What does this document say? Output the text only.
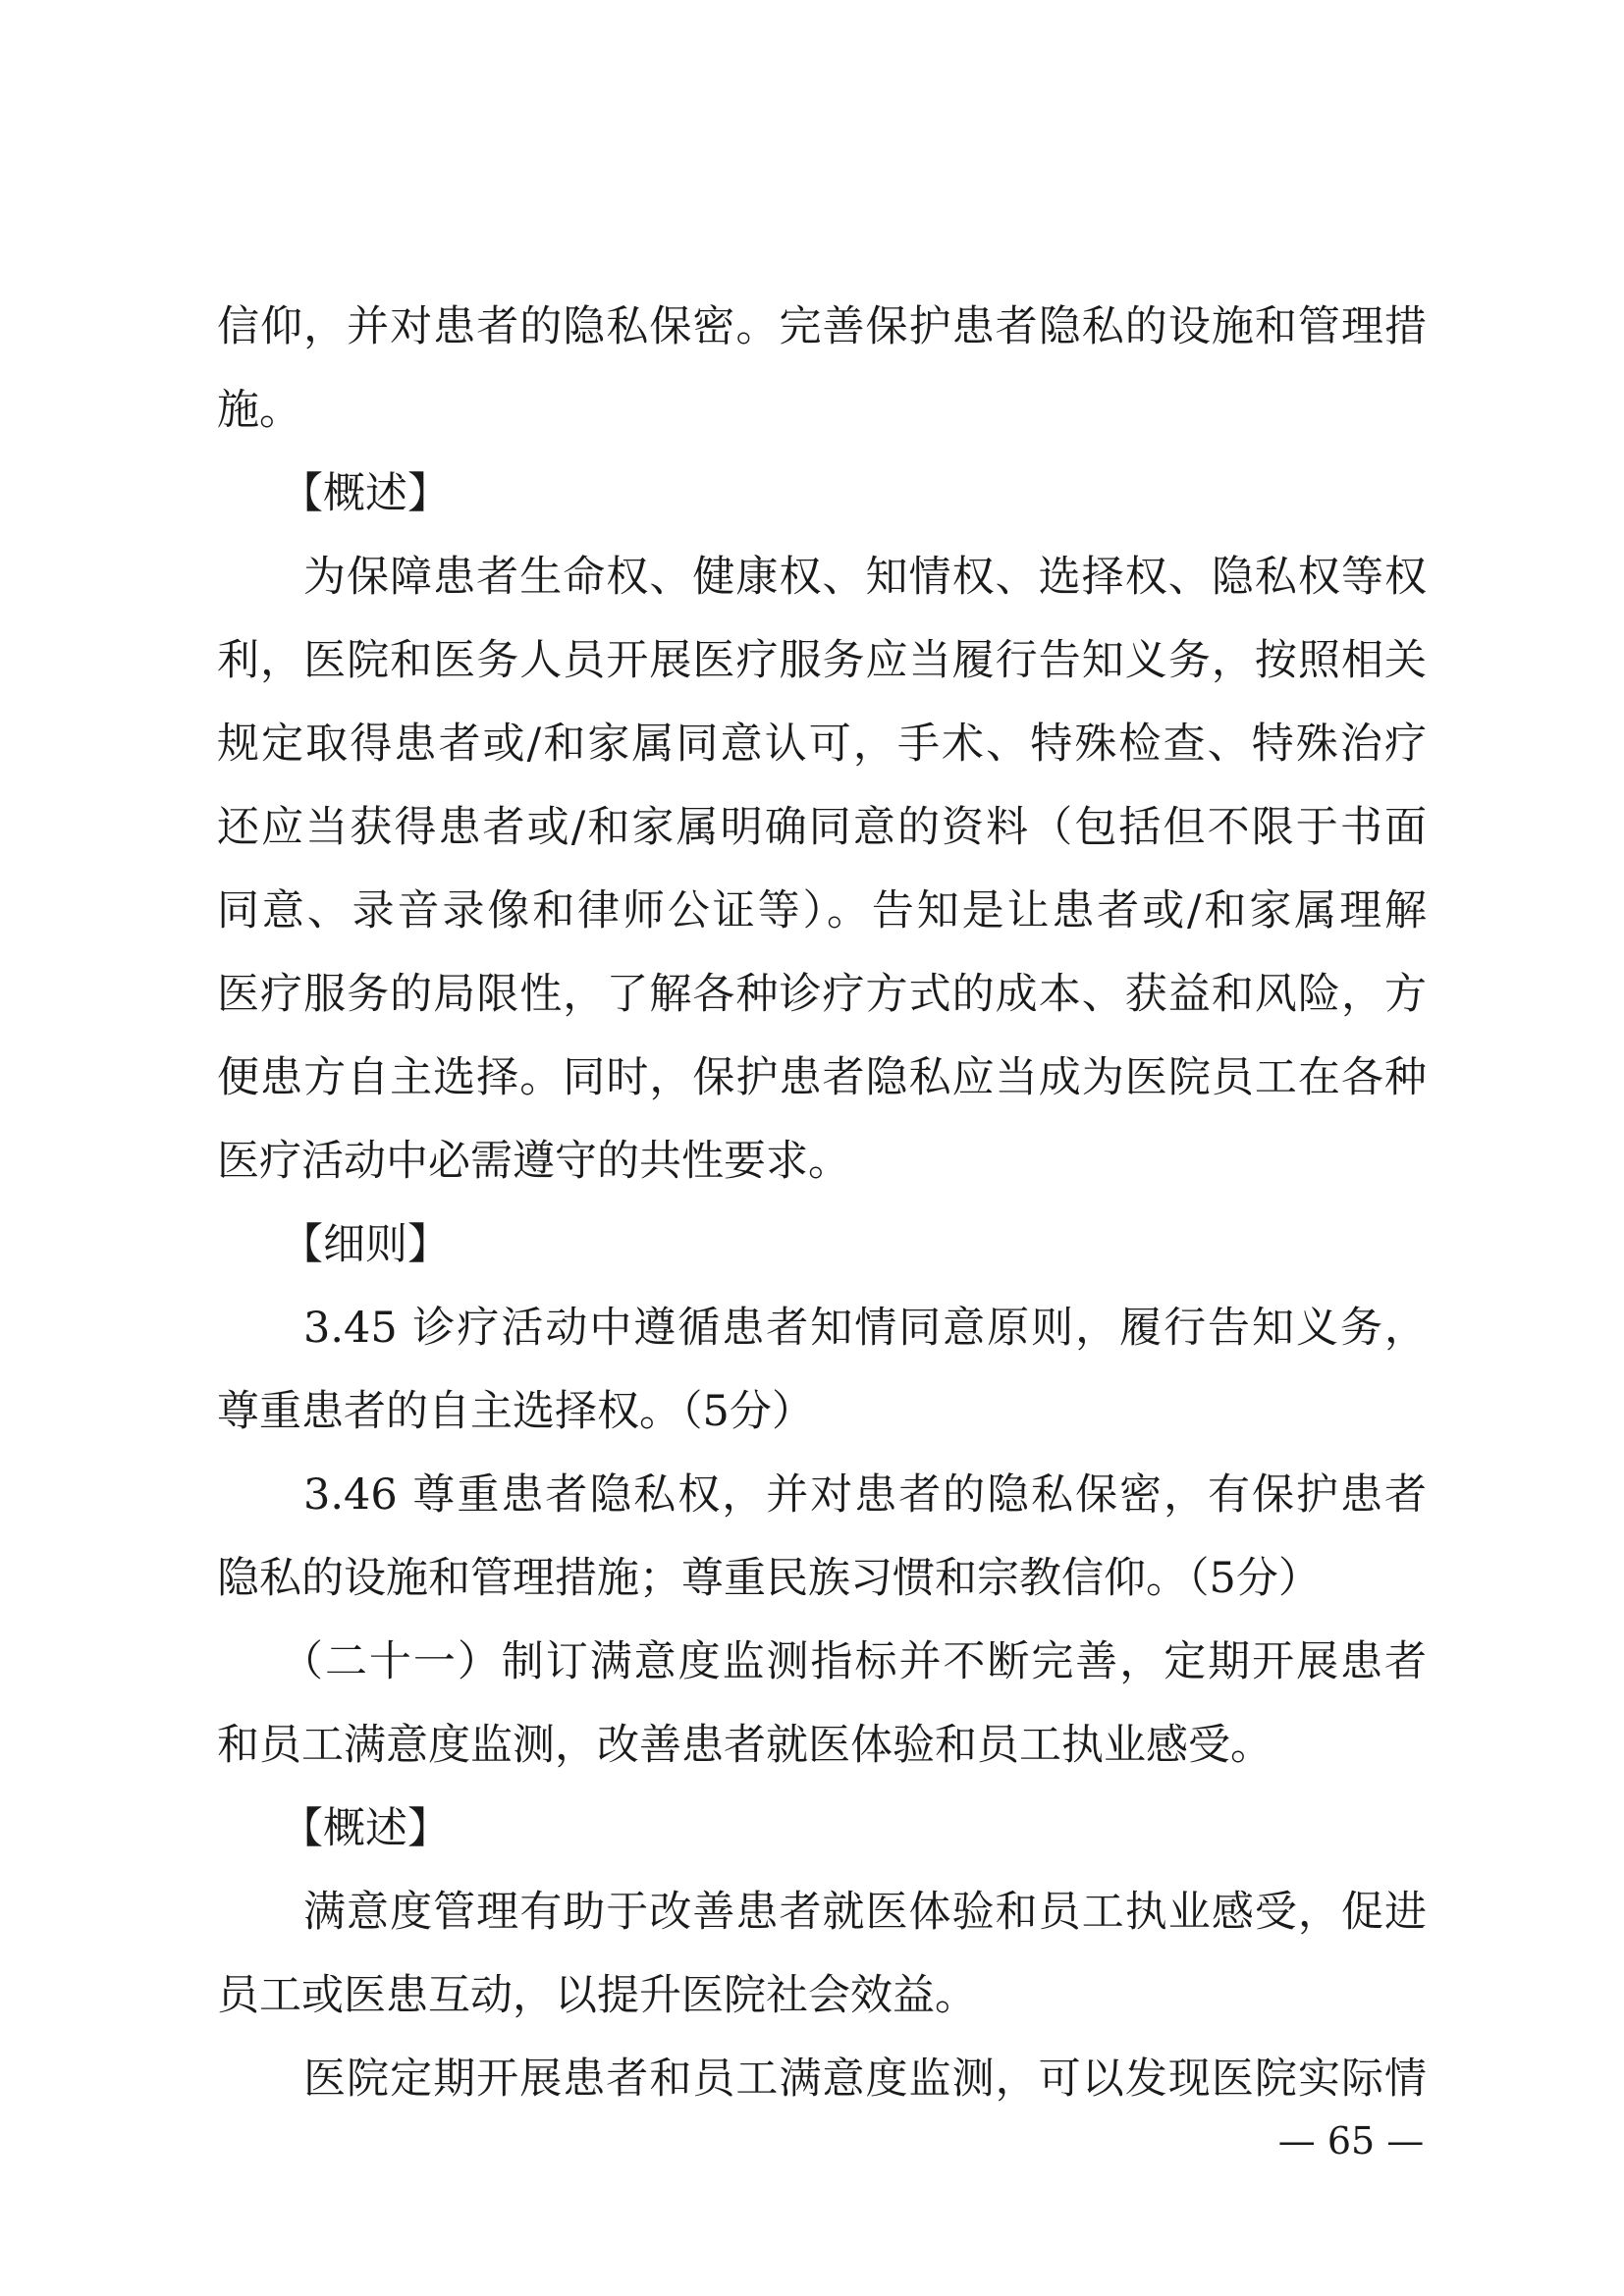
信仰，并对患者的隐私保密。完善保护患者隐私的设施和管理措

施。

【概述】

为保障患者生命权、健康权、知情权、选择权、隐私权等权

利，医院和医务人员开展医疗服务应当履行告知义务，按照相关

规定取得患者或/和家属同意认可，手术、特殊检查、特殊治疗

还应当获得患者或/和家属明确同意的资料（包括但不限于书面

同意、录音录像和律师公证等）。告知是让患者或/和家属理解

医疗服务的局限性，了解各种诊疗方式的成本、获益和风险，方

便患方自主选择。同时，保护患者隐私应当成为医院员工在各种

医疗活动中必需遵守的共性要求。

【细则】

3.45 诊疗活动中遵循患者知情同意原则，履行告知义务，

尊重患者的自主选择权。（5分）

3.46 尊重患者隐私权，并对患者的隐私保密，有保护患者

隐私的设施和管理措施；尊重民族习惯和宗教信仰。（5分）

（二十一）制订满意度监测指标并不断完善，定期开展患者

和员工满意度监测，改善患者就医体验和员工执业感受。

【概述】

满意度管理有助于改善患者就医体验和员工执业感受，促进

员工或医患互动，以提升医院社会效益。

医院定期开展患者和员工满意度监测，可以发现医院实际情

— 65 —
